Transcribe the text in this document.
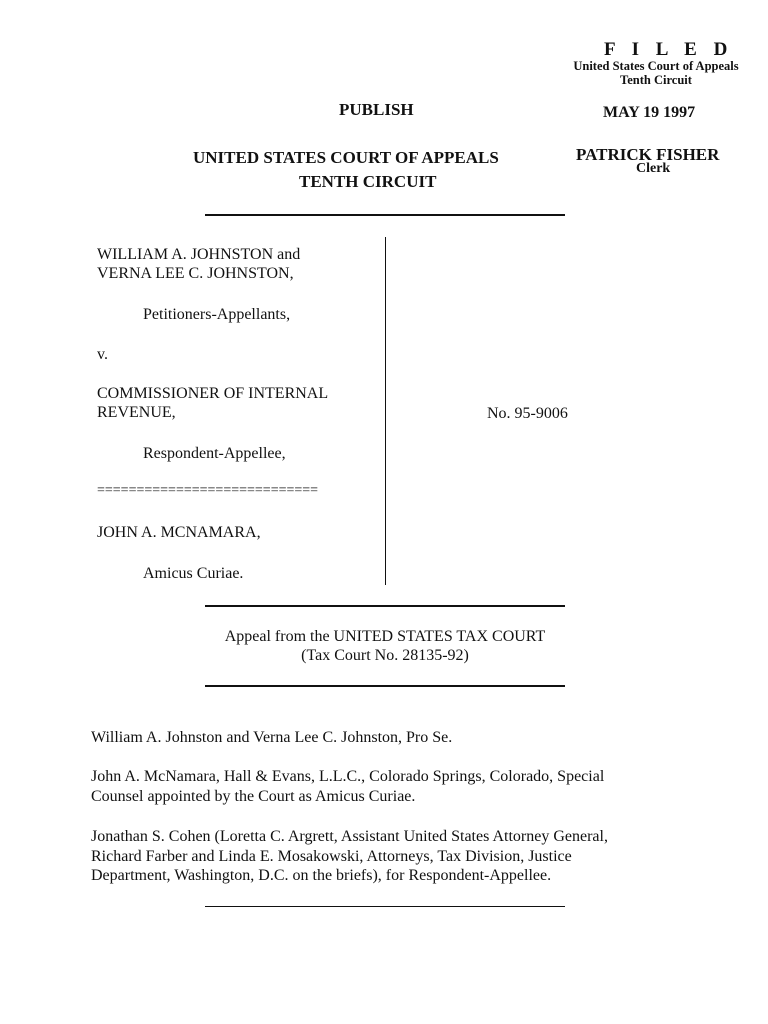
F I L E D
United States Court of Appeals
Tenth Circuit
MAY 19 1997
PATRICK FISHER
Clerk
PUBLISH
UNITED STATES COURT OF APPEALS
TENTH CIRCUIT
WILLIAM A. JOHNSTON and
VERNA LEE C. JOHNSTON,
Petitioners-Appellants,
v.
COMMISSIONER OF INTERNAL
REVENUE,
Respondent-Appellee,
============================
JOHN A. MCNAMARA,
Amicus Curiae.
No. 95-9006
Appeal from the UNITED STATES TAX COURT
(Tax Court No. 28135-92)
William A. Johnston and Verna Lee C. Johnston, Pro Se.
John A. McNamara, Hall & Evans, L.L.C., Colorado Springs, Colorado, Special
Counsel appointed by the Court as Amicus Curiae.
Jonathan S. Cohen (Loretta C. Argrett, Assistant United States Attorney General,
Richard Farber and Linda E. Mosakowski, Attorneys, Tax Division, Justice
Department, Washington, D.C. on the briefs), for Respondent-Appellee.
